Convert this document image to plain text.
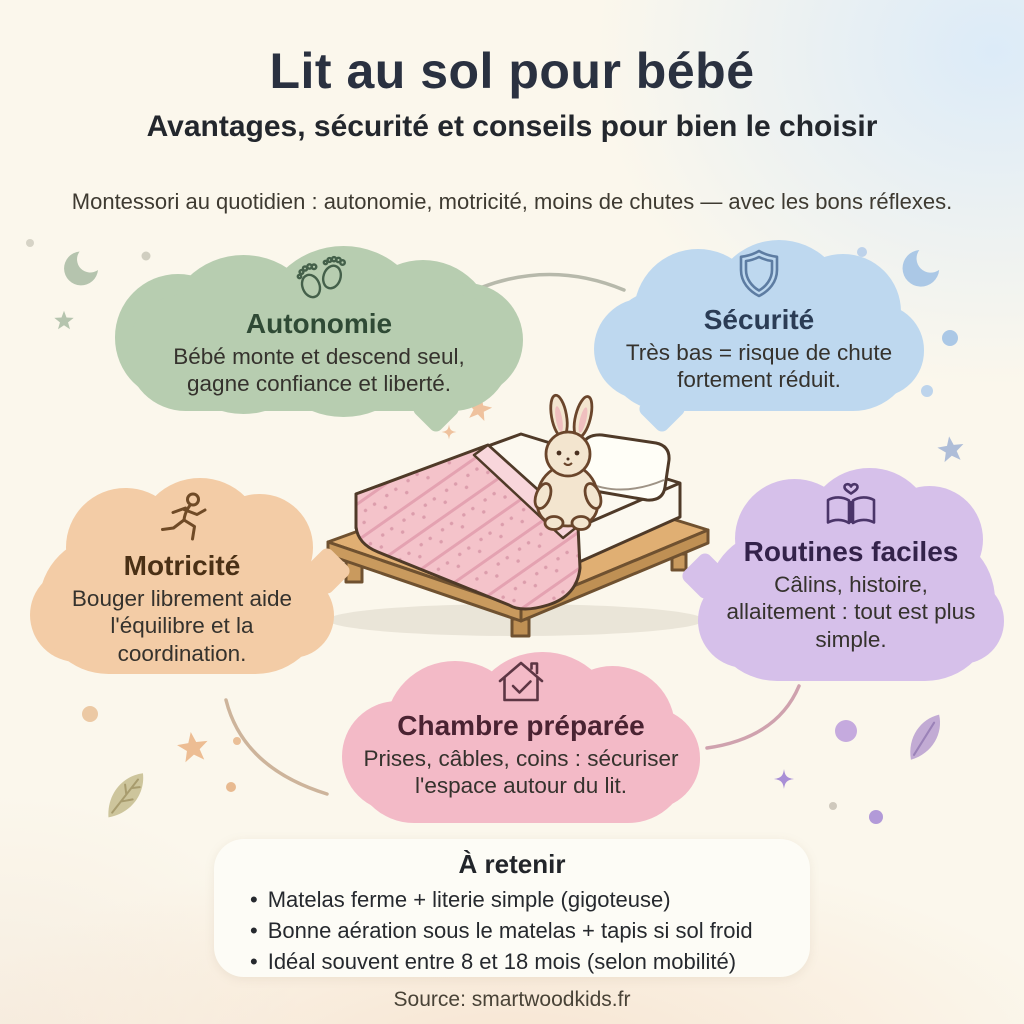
Lit au sol pour bébé

Avantages, sécurité et conseils pour bien le choisir

Montessori au quotidien : autonomie, motricité, moins de chutes — avec les bons réflexes.

Autonomie

Bébé monte et descend seul, gagne confiance et liberté.

Sécurité

Très bas = risque de chute fortement réduit.

Motricité

Bouger librement aide l'équilibre et la coordination.

Routines faciles

Câlins, histoire, allaitement : tout est plus simple.

Chambre préparée

Prises, câbles, coins : sécuriser l'espace autour du lit.

À retenir
• Matelas ferme + literie simple (gigoteuse)
• Bonne aération sous le matelas + tapis si sol froid
• Idéal souvent entre 8 et 18 mois (selon mobilité)
Source: smartwoodkids.fr
